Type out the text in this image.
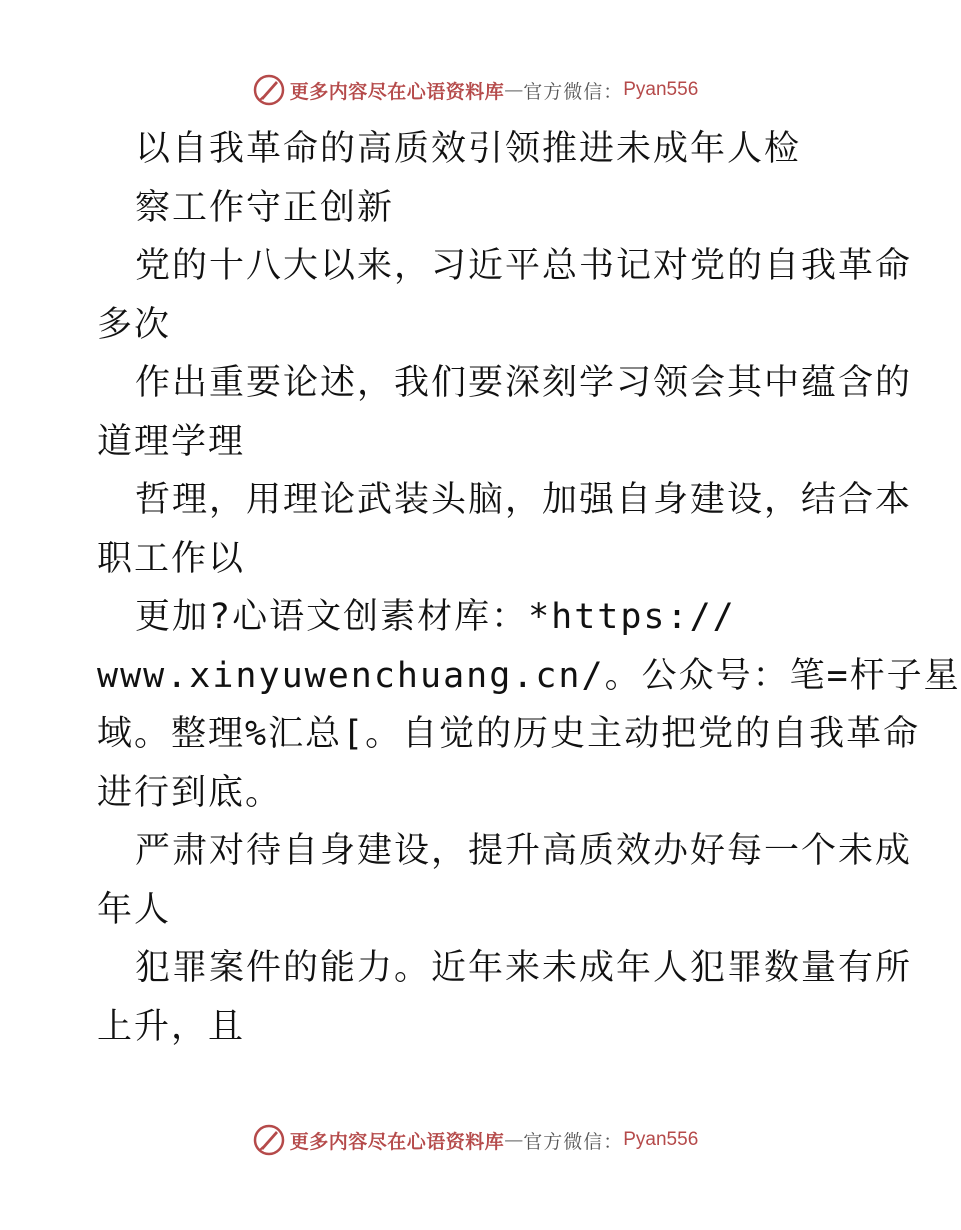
更多内容尽在心语资料库 — 官方微信： Pyan556
以自我革命的高质效引领推进未成年人检
察工作守正创新
党的十八大以来，习近平总书记对党的自我革命
多次
作出重要论述，我们要深刻学习领会其中蕴含的
道理学理
哲理，用理论武装头脑，加强自身建设，结合本
职工作以
更加?心语文创素材库：*https://
www.xinyuwenchuang.cn/。公众号：笔=杆子星
域。整理%汇总[。自觉的历史主动把党的自我革命
进行到底。
严肃对待自身建设，提升高质效办好每一个未成
年人
犯罪案件的能力。近年来未成年人犯罪数量有所
上升，且
更多内容尽在心语资料库 — 官方微信： Pyan556
